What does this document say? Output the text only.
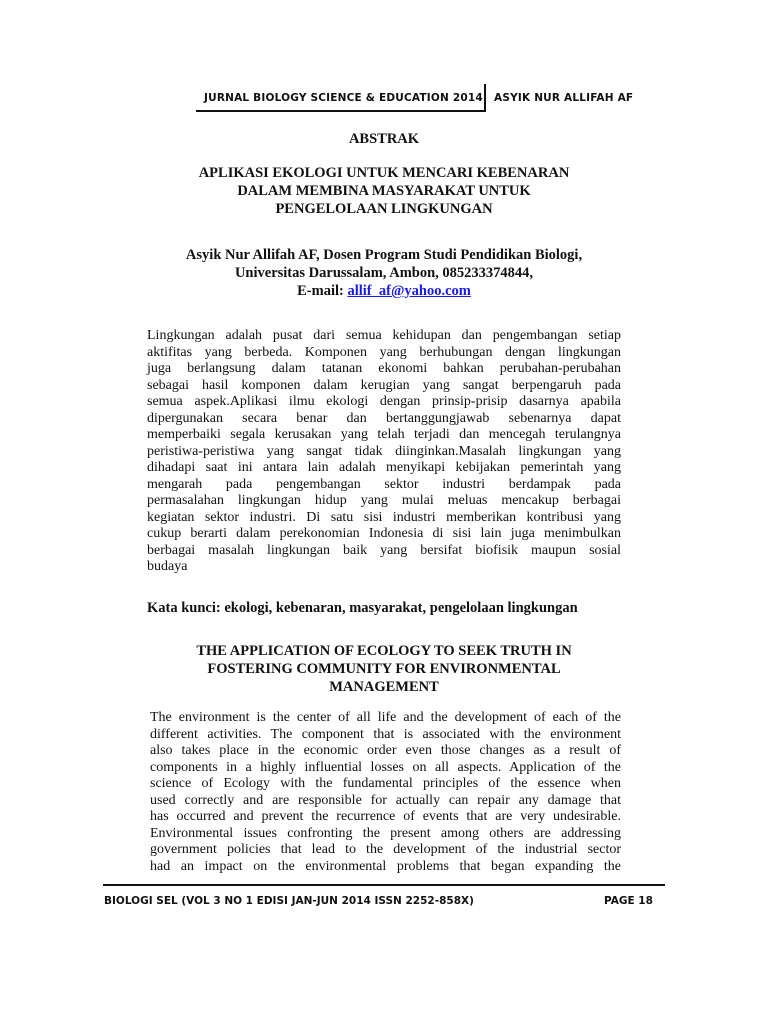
JURNAL BIOLOGY SCIENCE & EDUCATION 2014 ASYIK NUR ALLIFAH AF
ABSTRAK
APLIKASI EKOLOGI UNTUK MENCARI KEBENARAN
DALAM MEMBINA MASYARAKAT UNTUK
PENGELOLAAN LINGKUNGAN
Asyik Nur Allifah AF, Dosen Program Studi Pendidikan Biologi,
Universitas Darussalam, Ambon, 085233374844,
E-mail: allif_af@yahoo.com
Lingkungan adalah pusat dari semua kehidupan dan pengembangan setiap
aktifitas yang berbeda. Komponen yang berhubungan dengan lingkungan
juga berlangsung dalam tatanan ekonomi bahkan perubahan-perubahan
sebagai hasil komponen dalam kerugian yang sangat berpengaruh pada
semua aspek.Aplikasi ilmu ekologi dengan prinsip-prisip dasarnya apabila
dipergunakan secara benar dan bertanggungjawab sebenarnya dapat
memperbaiki segala kerusakan yang telah terjadi dan mencegah terulangnya
peristiwa-peristiwa yang sangat tidak diinginkan.Masalah lingkungan yang
dihadapi saat ini antara lain adalah menyikapi kebijakan pemerintah yang
mengarah pada pengembangan sektor industri berdampak pada
permasalahan lingkungan hidup yang mulai meluas mencakup berbagai
kegiatan sektor industri. Di satu sisi industri memberikan kontribusi yang
cukup berarti dalam perekonomian Indonesia di sisi lain juga menimbulkan
berbagai masalah lingkungan baik yang bersifat biofisik maupun sosial
budaya
Kata kunci: ekologi, kebenaran, masyarakat, pengelolaan lingkungan
THE APPLICATION OF ECOLOGY TO SEEK TRUTH IN
FOSTERING COMMUNITY FOR ENVIRONMENTAL
MANAGEMENT
The environment is the center of all life and the development of each of the
different activities. The component that is associated with the environment
also takes place in the economic order even those changes as a result of
components in a highly influential losses on all aspects. Application of the
science of Ecology with the fundamental principles of the essence when
used correctly and are responsible for actually can repair any damage that
has occurred and prevent the recurrence of events that are very undesirable.
Environmental issues confronting the present among others are addressing
government policies that lead to the development of the industrial sector
had an impact on the environmental problems that began expanding the
BIOLOGI SEL (VOL 3 NO 1 EDISI JAN-JUN 2014 ISSN 2252-858X)	PAGE 18
